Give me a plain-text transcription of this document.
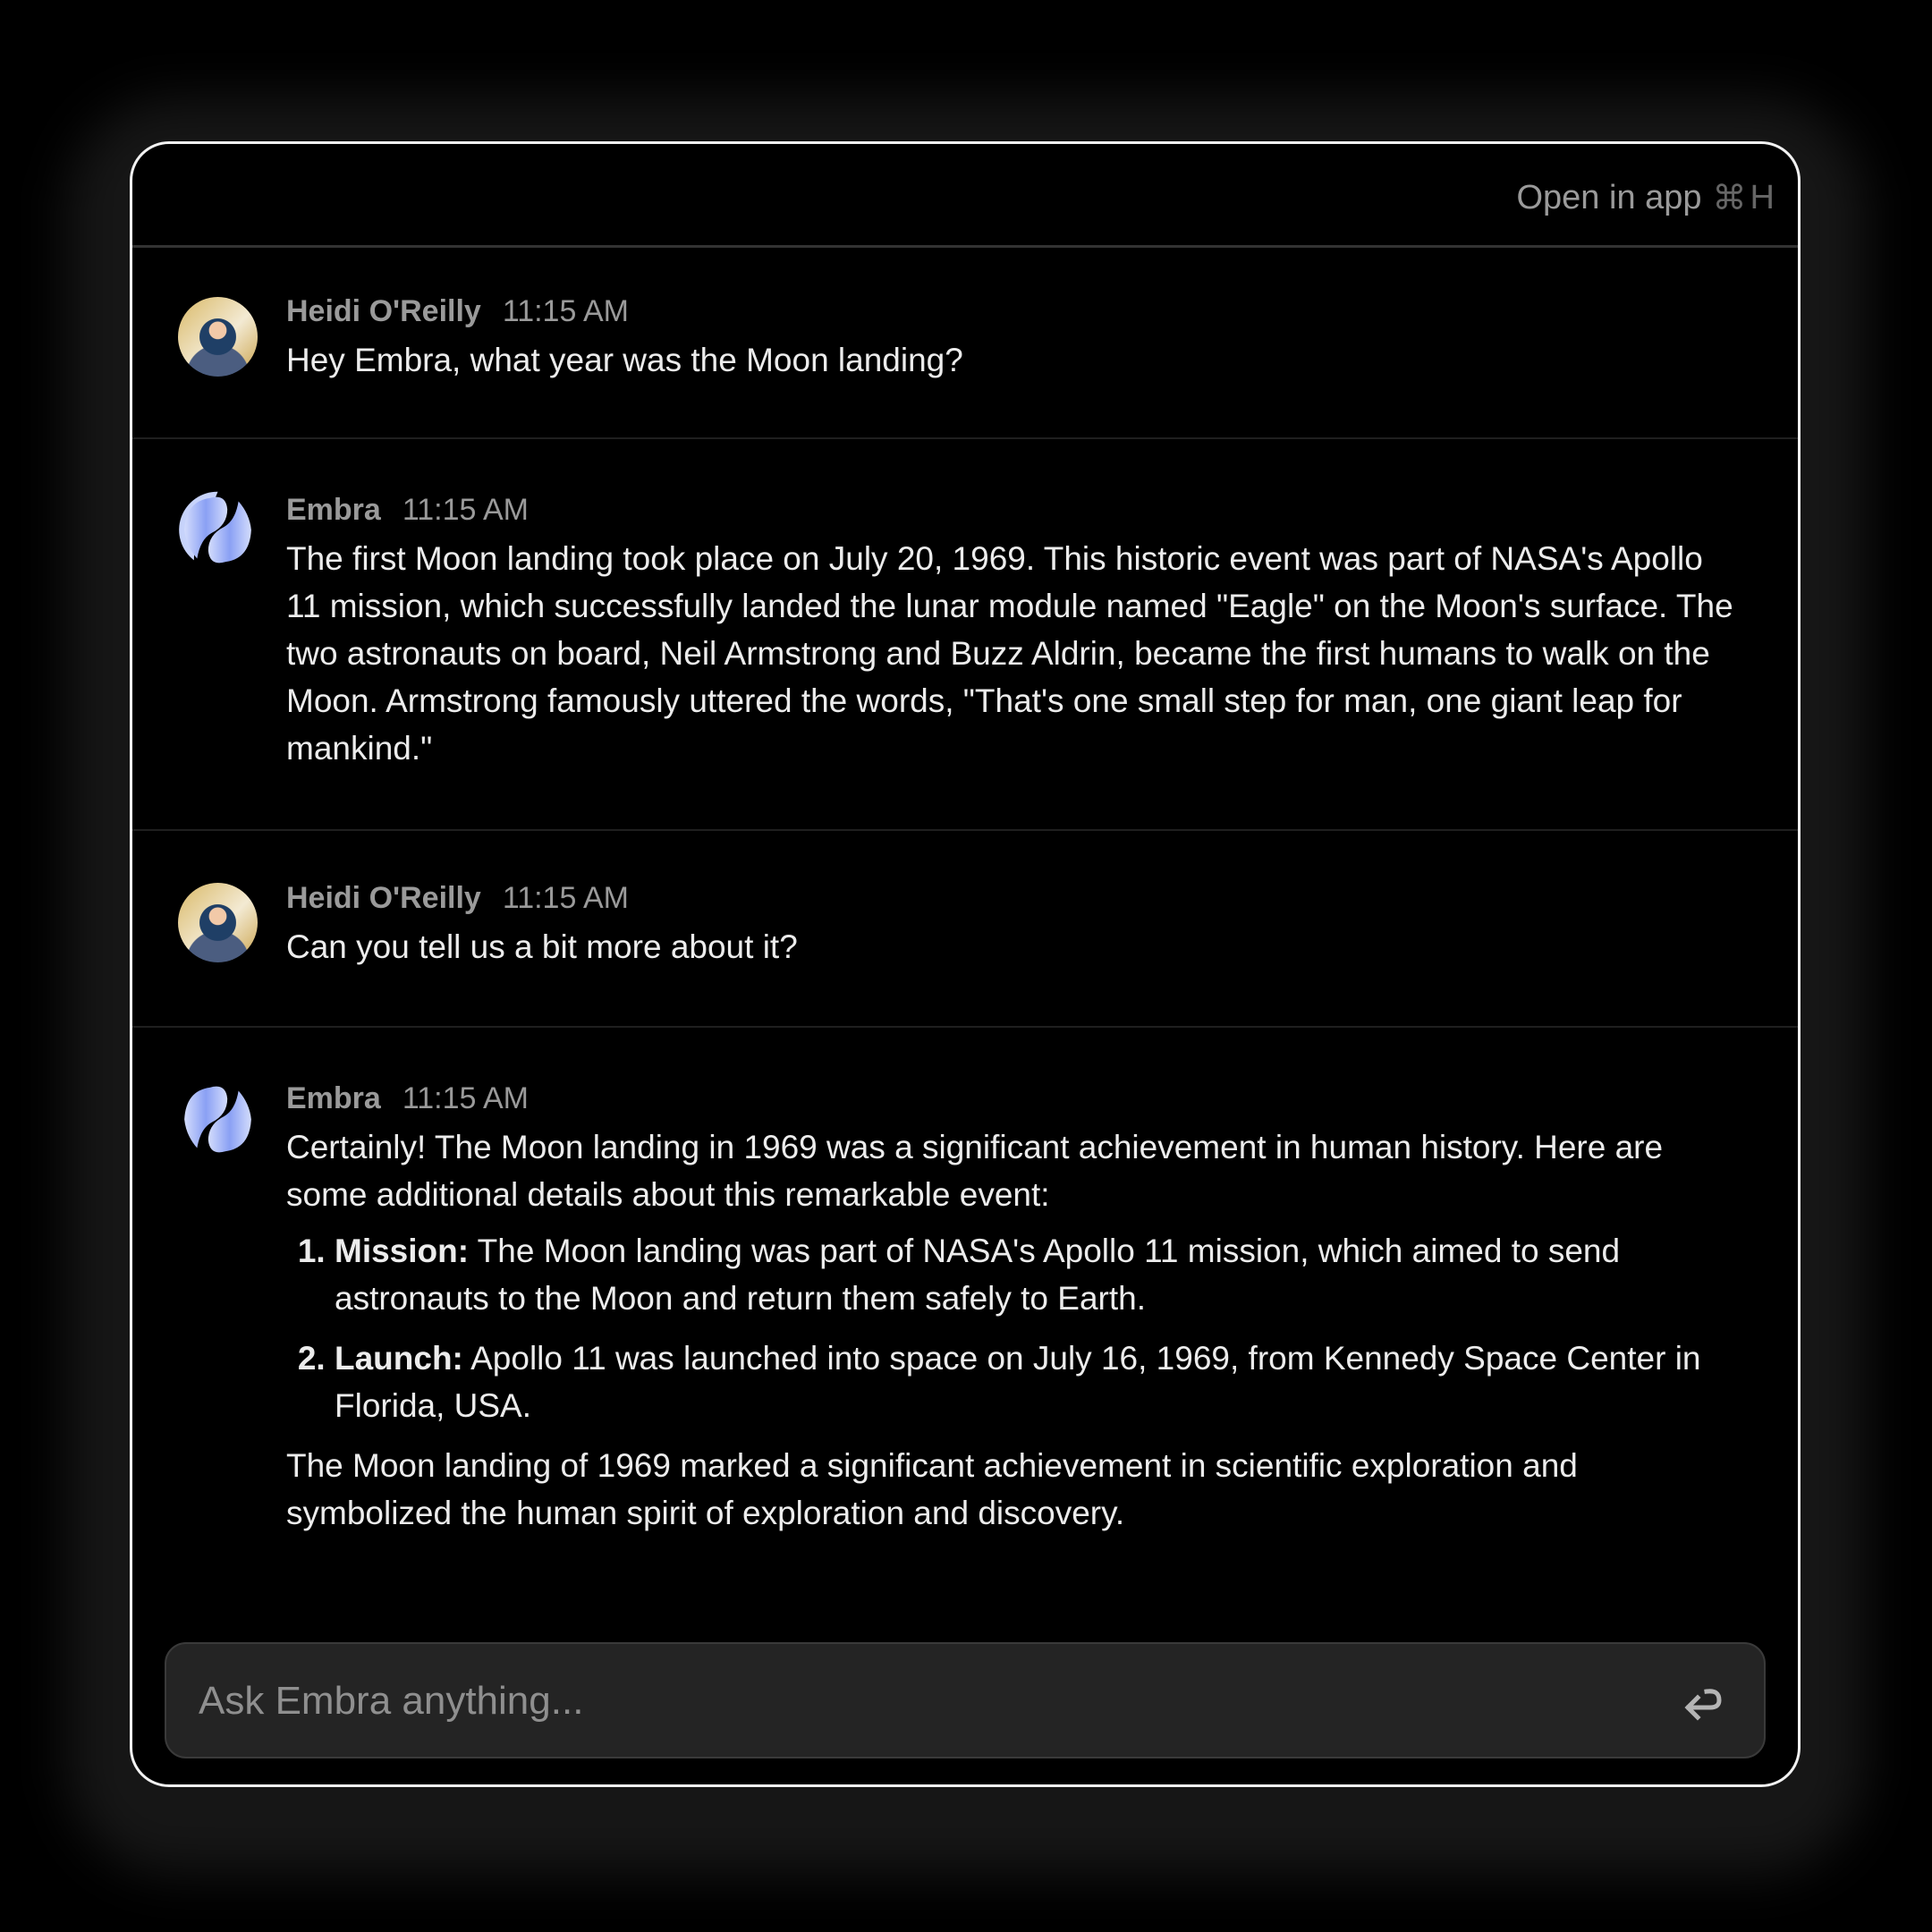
Open in app ⌘ H
Heidi O'Reilly 11:15 AM
Hey Embra, what year was the Moon landing?
Embra 11:15 AM
The first Moon landing took place on July 20, 1969. This historic event was part of NASA's Apollo 11 mission, which successfully landed the lunar module named "Eagle" on the Moon's surface. The two astronauts on board, Neil Armstrong and Buzz Aldrin, became the first humans to walk on the Moon. Armstrong famously uttered the words, "That's one small step for man, one giant leap for mankind."
Heidi O'Reilly 11:15 AM
Can you tell us a bit more about it?
Embra 11:15 AM
Certainly! The Moon landing in 1969 was a significant achievement in human history. Here are some additional details about this remarkable event:
1. Mission: The Moon landing was part of NASA's Apollo 11 mission, which aimed to send astronauts to the Moon and return them safely to Earth.
2. Launch: Apollo 11 was launched into space on July 16, 1969, from Kennedy Space Center in Florida, USA.
The Moon landing of 1969 marked a significant achievement in scientific exploration and symbolized the human spirit of exploration and discovery.
Ask Embra anything...
